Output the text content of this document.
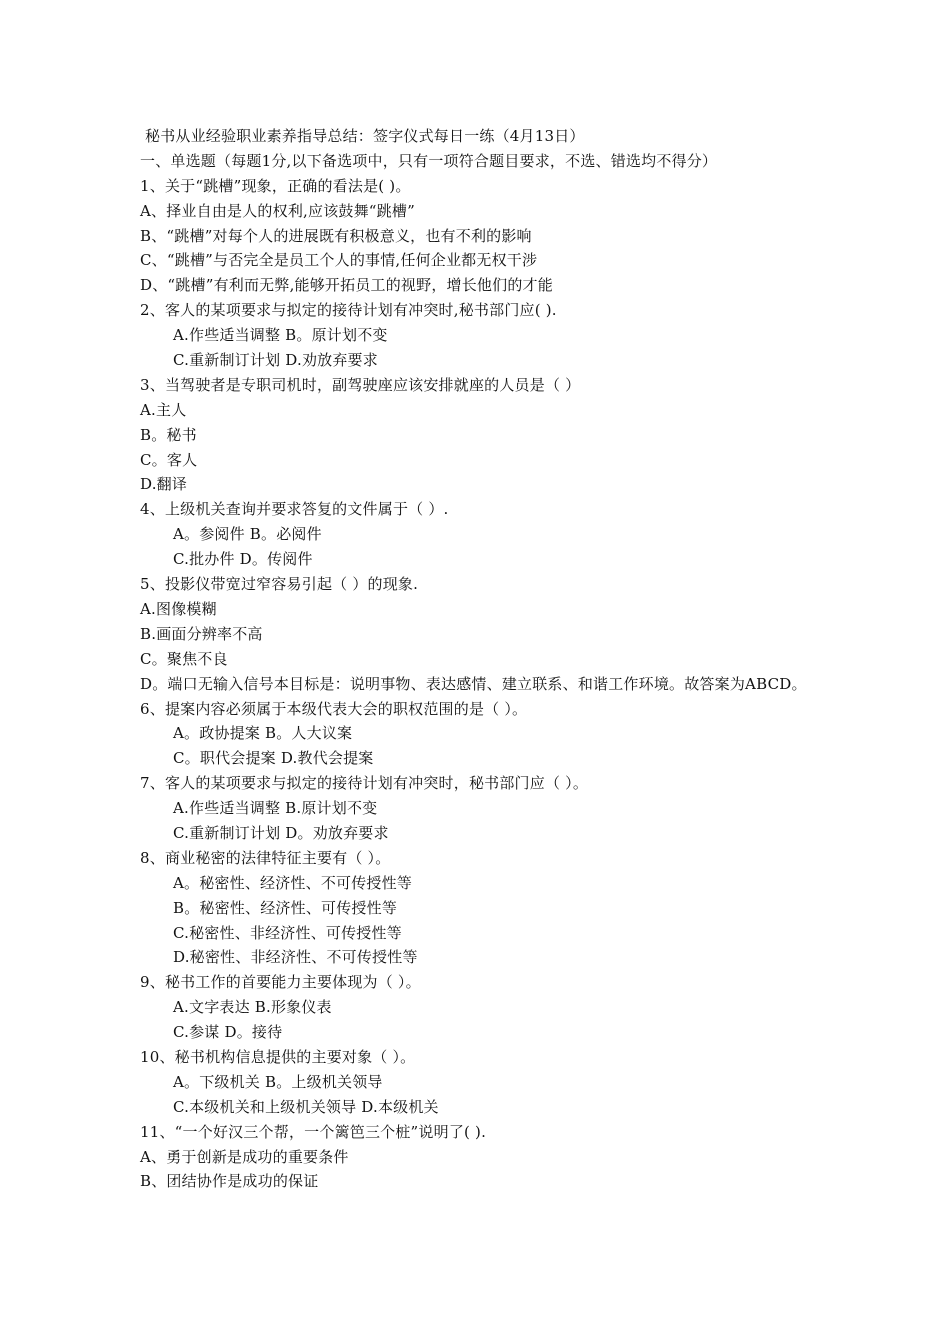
秘书从业经验职业素养指导总结：签字仪式每日一练（4月13日）
一、单选题（每题1分,以下备选项中，只有一项符合题目要求，不选、错选均不得分）
1、关于“跳槽”现象，正确的看法是( )。
A、择业自由是人的权利,应该鼓舞“跳槽”
B、“跳槽”对每个人的进展既有积极意义，也有不利的影响
C、“跳槽”与否完全是员工个人的事情,任何企业都无权干涉
D、“跳槽”有利而无弊,能够开拓员工的视野，增长他们的才能
2、客人的某项要求与拟定的接待计划有冲突时,秘书部门应( ).
A.作些适当调整 B。原计划不变
C.重新制订计划 D.劝放弃要求
3、当驾驶者是专职司机时，副驾驶座应该安排就座的人员是（ ）
A.主人
B。秘书
C。客人
D.翻译
4、上级机关查询并要求答复的文件属于（ ）.
A。参阅件 B。必阅件
C.批办件 D。传阅件
5、投影仪带宽过窄容易引起（ ）的现象.
A.图像模糊
B.画面分辨率不高
C。聚焦不良
D。端口无输入信号本目标是：说明事物、表达感情、建立联系、和谐工作环境。故答案为ABCD。
6、提案内容必须属于本级代表大会的职权范围的是（ ）。
A。政协提案 B。人大议案
C。职代会提案 D.教代会提案
7、客人的某项要求与拟定的接待计划有冲突时，秘书部门应（ ）。
A.作些适当调整 B.原计划不变
C.重新制订计划 D。劝放弃要求
8、商业秘密的法律特征主要有（ ）。
A。秘密性、经济性、不可传授性等
B。秘密性、经济性、可传授性等
C.秘密性、非经济性、可传授性等
D.秘密性、非经济性、不可传授性等
9、秘书工作的首要能力主要体现为（ ）。
A.文字表达 B.形象仪表
C.参谋 D。接待
10、秘书机构信息提供的主要对象（ ）。
A。下级机关 B。上级机关领导
C.本级机关和上级机关领导 D.本级机关
11、“一个好汉三个帮，一个篱笆三个桩”说明了( ).
A、勇于创新是成功的重要条件
B、团结协作是成功的保证
